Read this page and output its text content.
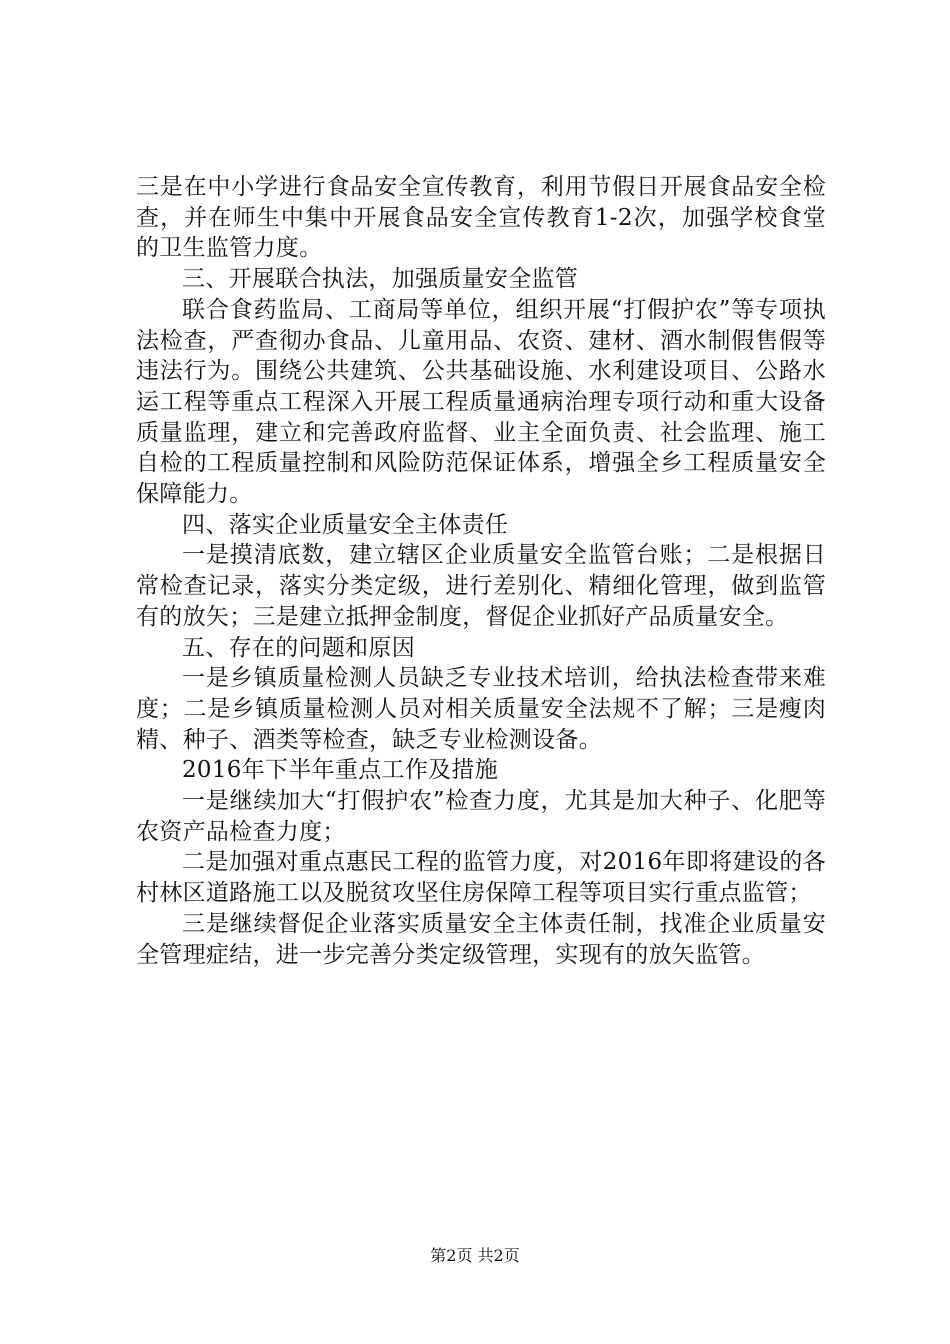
三是在中小学进行食品安全宣传教育，利用节假日开展食品安全检查，并在师生中集中开展食品安全宣传教育1-2次，加强学校食堂的卫生监管力度。

三、开展联合执法，加强质量安全监管

联合食药监局、工商局等单位，组织开展“打假护农”等专项执法检查，严查彻办食品、儿童用品、农资、建材、酒水制假售假等违法行为。围绕公共建筑、公共基础设施、水利建设项目、公路水运工程等重点工程深入开展工程质量通病治理专项行动和重大设备质量监理，建立和完善政府监督、业主全面负责、社会监理、施工自检的工程质量控制和风险防范保证体系，增强全乡工程质量安全保障能力。

四、落实企业质量安全主体责任

一是摸清底数，建立辖区企业质量安全监管台账；二是根据日常检查记录，落实分类定级，进行差别化、精细化管理，做到监管有的放矢；三是建立抵押金制度，督促企业抓好产品质量安全。

五、存在的问题和原因

一是乡镇质量检测人员缺乏专业技术培训，给执法检查带来难度；二是乡镇质量检测人员对相关质量安全法规不了解；三是瘦肉精、种子、酒类等检查，缺乏专业检测设备。

2016年下半年重点工作及措施

一是继续加大“打假护农”检查力度，尤其是加大种子、化肥等农资产品检查力度；

二是加强对重点惠民工程的监管力度，对2016年即将建设的各村林区道路施工以及脱贫攻坚住房保障工程等项目实行重点监管；

三是继续督促企业落实质量安全主体责任制，找准企业质量安全管理症结，进一步完善分类定级管理，实现有的放矢监管。

第2页 共2页
